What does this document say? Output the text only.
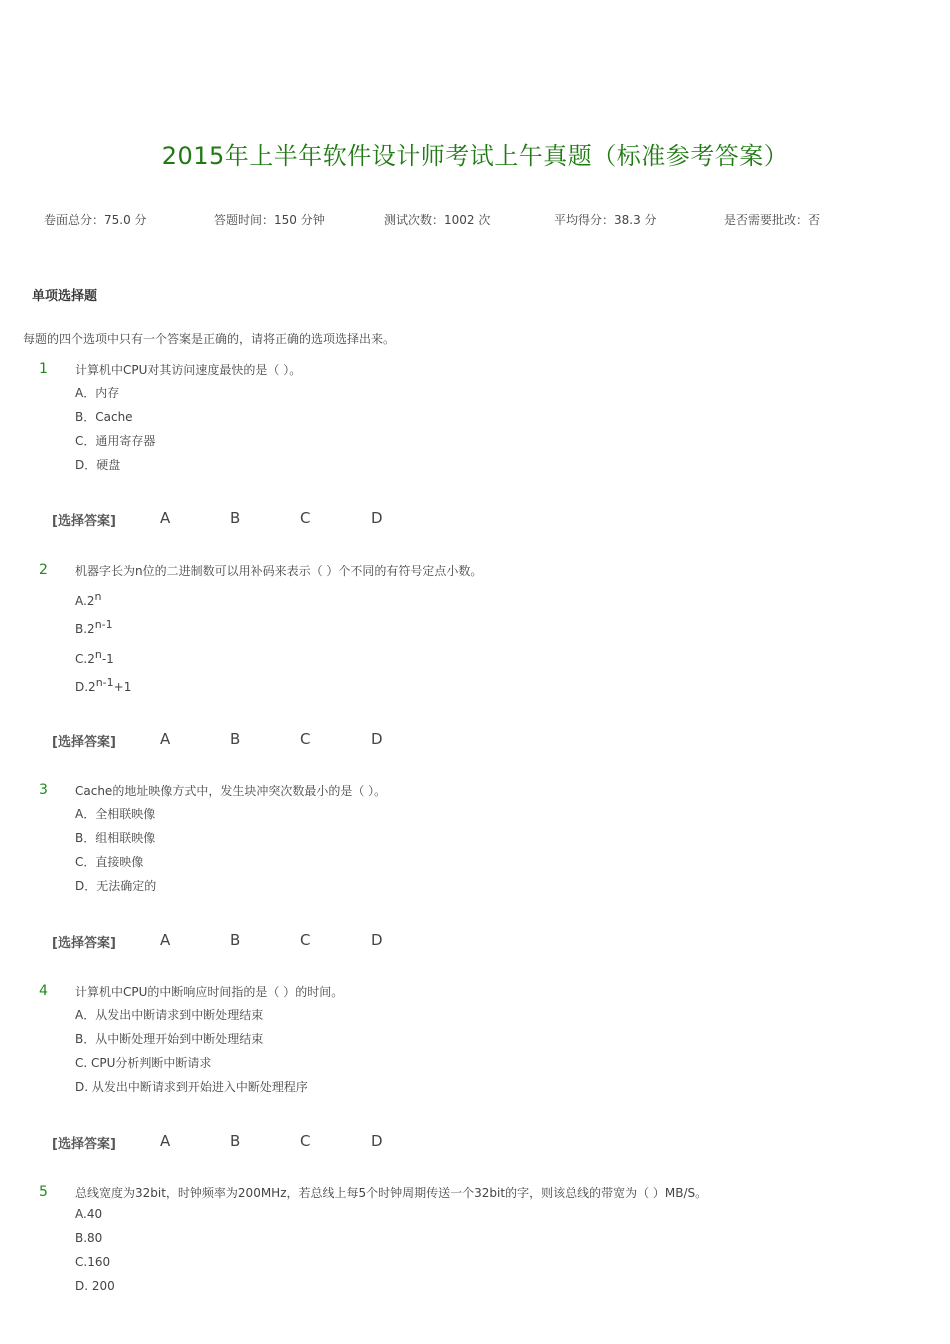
2015年上半年软件设计师考试上午真题（标准参考答案）
卷面总分：75.0 分	答题时间：150 分钟	测试次数：1002 次	平均得分：38.3 分	是否需要批改：否
单项选择题
每题的四个选项中只有一个答案是正确的，请将正确的选项选择出来。
1 计算机中CPU对其访问速度最快的是（ ）。
A．内存
B．Cache
C．通用寄存器
D．硬盘
[选择答案]	A	B	C	D
2 机器字长为n位的二进制数可以用补码来表示（ ）个不同的有符号定点小数。
A.2$^n$
B.2$^{n-1}$
C.2$^n$-1
$D.2^{n-1}+1$
[选择答案]	A	B	C	D
3 Cache的地址映像方式中，发生块冲突次数最小的是（ ）。
A．全相联映像
B．组相联映像
C．直接映像
D．无法确定的
[选择答案]	A	B	C	D
4 计算机中CPU的中断响应时间指的是（ ）的时间。
A．从发出中断请求到中断处理结束
B．从中断处理开始到中断处理结束
C. CPU分析判断中断请求
D. 从发出中断请求到开始进入中断处理程序
[选择答案]	A	B	C	D
5 总线宽度为32bit，时钟频率为200MHz，若总线上每5个时钟周期传送一个32bit的字，则该总线的带宽为（ ）MB/S。
A.40
B.80
C.160
D. 200
